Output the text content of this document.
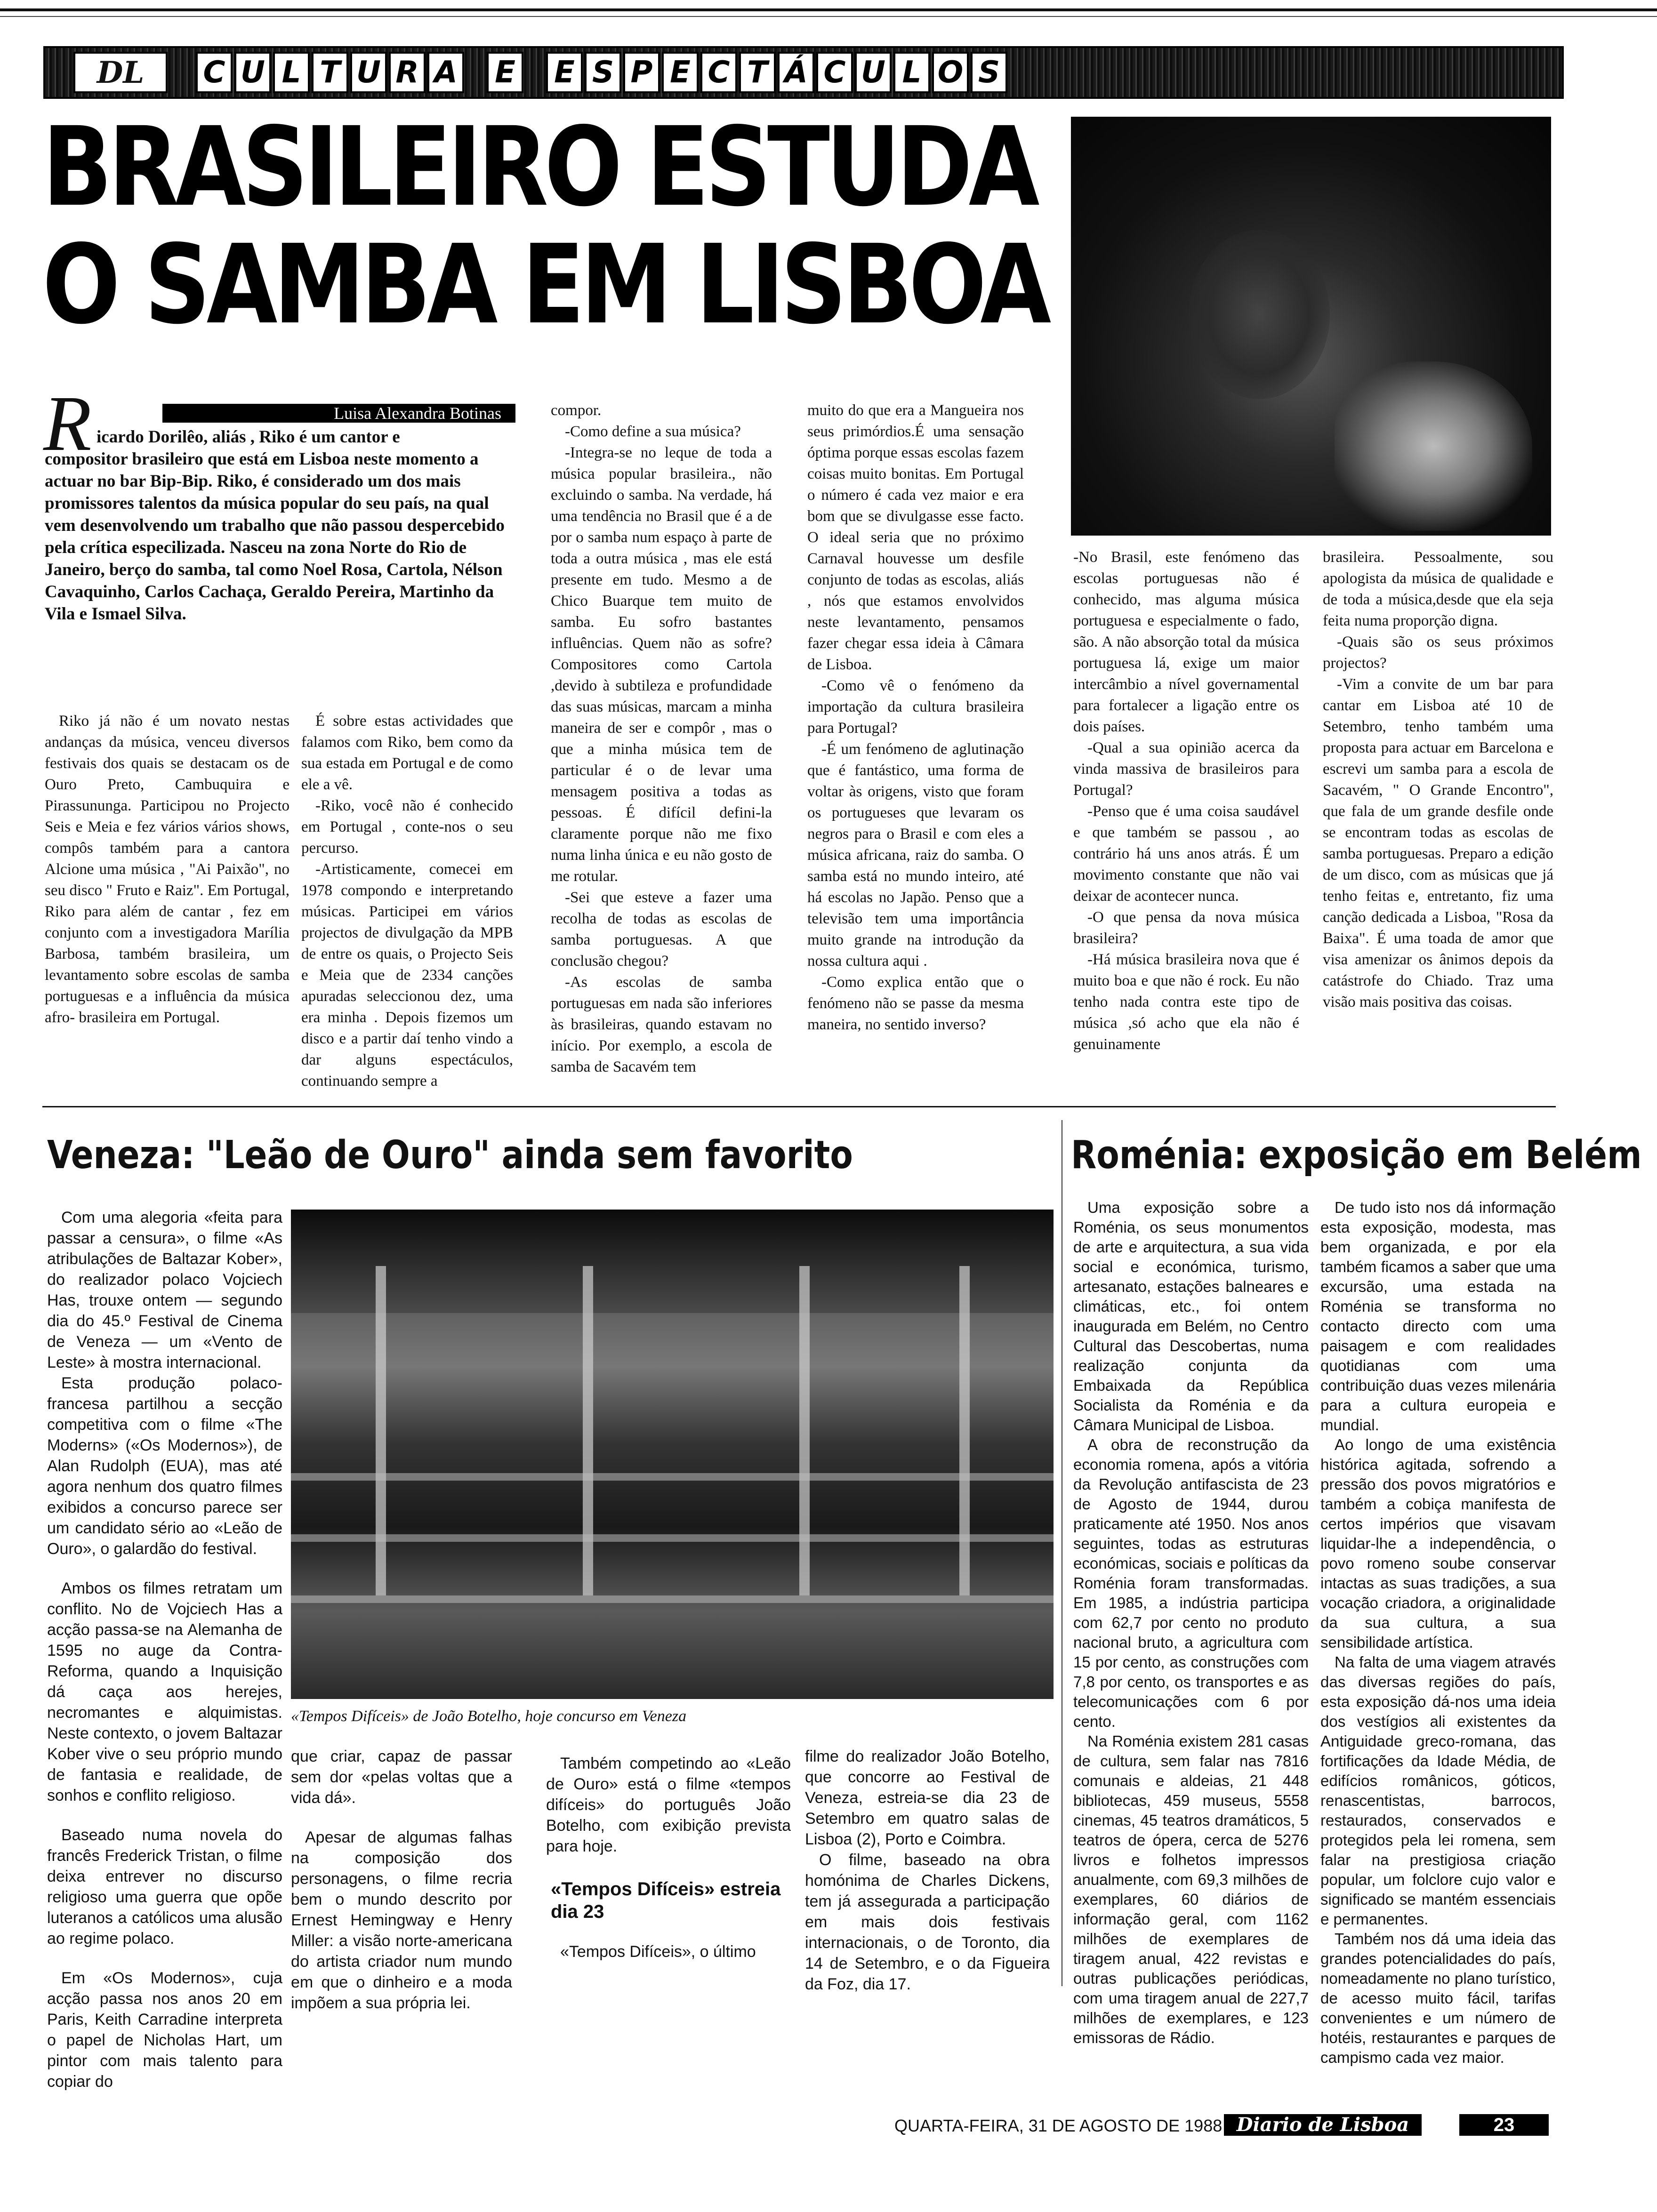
DL	C U L T U R A E E S P E C T Á C U L O S
BRASILEIRO ESTUDA
O SAMBA EM LISBOA
Luisa Alexandra Botinas
R icardo Dorilêo, aliás , Riko é um cantor e
compositor brasileiro que está em Lisboa neste momento a actuar no bar Bip-Bip. Riko, é considerado um dos mais promissores talentos da música popular do seu país, na qual vem desenvolvendo um trabalho que não passou despercebido pela crítica especilizada. Nasceu na zona Norte do Rio de Janeiro, berço do samba, tal como Noel Rosa, Cartola, Nélson Cavaquinho, Carlos Cachaça, Geraldo Pereira, Martinho da Vila e Ismael Silva.

Riko já não é um novato nestas andanças da música, venceu diversos festivais dos quais se destacam os de Ouro Preto, Cambuquira e Pirassununga. Participou no Projecto Seis e Meia e fez vários vários shows, compôs também para a cantora Alcione uma música , "Ai Paixão", no seu disco " Fruto e Raiz". Em Portugal, Riko para além de cantar , fez em conjunto com a investigadora Marília Barbosa, também brasileira, um levantamento sobre escolas de samba portuguesas e a influência da música afro- brasileira em Portugal.

É sobre estas actividades que falamos com Riko, bem como da sua estada em Portugal e de como ele a vê.

-Riko, você não é conhecido em Portugal , conte-nos o seu percurso.

-Artisticamente, comecei em 1978 compondo e interpretando músicas. Participei em vários projectos de divulgação da MPB de entre os quais, o Projecto Seis e Meia que de 2334 canções apuradas seleccionou dez, uma era minha . Depois fizemos um disco e a partir daí tenho vindo a dar alguns espectáculos, continuando sempre a

compor.

-Como define a sua música?

-Integra-se no leque de toda a música popular brasileira., não excluindo o samba. Na verdade, há uma tendência no Brasil que é a de por o samba num espaço à parte de toda a outra música , mas ele está presente em tudo. Mesmo a de Chico Buarque tem muito de samba. Eu sofro bastantes influências. Quem não as sofre? Compositores como Cartola ,devido à subtileza e profundidade das suas músicas, marcam a minha maneira de ser e compôr , mas o que a minha música tem de particular é o de levar uma mensagem positiva a todas as pessoas. É difícil defini-la claramente porque não me fixo numa linha única e eu não gosto de me rotular.

-Sei que esteve a fazer uma recolha de todas as escolas de samba portuguesas. A que conclusão chegou?

-As escolas de samba portuguesas em nada são inferiores às brasileiras, quando estavam no início. Por exemplo, a escola de samba de Sacavém tem

muito do que era a Mangueira nos seus primórdios.É uma sensação óptima porque essas escolas fazem coisas muito bonitas. Em Portugal o número é cada vez maior e era bom que se divulgasse esse facto. O ideal seria que no próximo Carnaval houvesse um desfile conjunto de todas as escolas, aliás , nós que estamos envolvidos neste levantamento, pensamos fazer chegar essa ideia à Câmara de Lisboa.

-Como vê o fenómeno da importação da cultura brasileira para Portugal?

-É um fenómeno de aglutinação que é fantástico, uma forma de voltar às origens, visto que foram os portugueses que levaram os negros para o Brasil e com eles a música africana, raiz do samba. O samba está no mundo inteiro, até há escolas no Japão. Penso que a televisão tem uma importância muito grande na introdução da nossa cultura aqui .

-Como explica então que o fenómeno não se passe da mesma maneira, no sentido inverso?

-No Brasil, este fenómeno das escolas portuguesas não é conhecido, mas alguma música portuguesa e especialmente o fado, são. A não absorção total da música portuguesa lá, exige um maior intercâmbio a nível governamental para fortalecer a ligação entre os dois países.

-Qual a sua opinião acerca da vinda massiva de brasileiros para Portugal?

-Penso que é uma coisa saudável e que também se passou , ao contrário há uns anos atrás. É um movimento constante que não vai deixar de acontecer nunca.

-O que pensa da nova música brasileira?

-Há música brasileira nova que é muito boa e que não é rock. Eu não tenho nada contra este tipo de música ,só acho que ela não é genuinamente

brasileira. Pessoalmente, sou apologista da música de qualidade e de toda a música,desde que ela seja feita numa proporção digna.

-Quais são os seus próximos projectos?

-Vim a convite de um bar para cantar em Lisboa até 10 de Setembro, tenho também uma proposta para actuar em Barcelona e escrevi um samba para a escola de Sacavém, " O Grande Encontro", que fala de um grande desfile onde se encontram todas as escolas de samba portuguesas. Preparo a edição de um disco, com as músicas que já tenho feitas e, entretanto, fiz uma canção dedicada a Lisboa, "Rosa da Baixa". É uma toada de amor que visa amenizar os ânimos depois da catástrofe do Chiado. Traz uma visão mais positiva das coisas.

Veneza: "Leão de Ouro" ainda sem favorito

Com uma alegoria «feita para passar a censura», o filme «As atribulações de Baltazar Kober», do realizador polaco Vojciech Has, trouxe ontem — segundo dia do 45.º Festival de Cinema de Veneza — um «Vento de Leste» à mostra internacional.

Esta produção polaco-francesa partilhou a secção competitiva com o filme «The Moderns» («Os Modernos»), de Alan Rudolph (EUA), mas até agora nenhum dos quatro filmes exibidos a concurso parece ser um candidato sério ao «Leão de Ouro», o galardão do festival.

Ambos os filmes retratam um conflito. No de Vojciech Has a acção passa-se na Alemanha de 1595 no auge da Contra-Reforma, quando a Inquisição dá caça aos herejes, necromantes e alquimistas. Neste contexto, o jovem Baltazar Kober vive o seu próprio mundo de fantasia e realidade, de sonhos e conflito religioso.

Baseado numa novela do francês Frederick Tristan, o filme deixa entrever no discurso religioso uma guerra que opõe luteranos a católicos uma alusão ao regime polaco.

Em «Os Modernos», cuja acção passa nos anos 20 em Paris, Keith Carradine interpreta o papel de Nicholas Hart, um pintor com mais talento para copiar do

«Tempos Difíceis» de João Botelho, hoje concurso em Veneza

que criar, capaz de passar sem dor «pelas voltas que a vida dá».

Apesar de algumas falhas na composição dos personagens, o filme recria bem o mundo descrito por Ernest Hemingway e Henry Miller: a visão norte-americana do artista criador num mundo em que o dinheiro e a moda impõem a sua própria lei.

Também competindo ao «Leão de Ouro» está o filme «tempos difíceis» do português João Botelho, com exibição prevista para hoje.

«Tempos Difíceis» estreia dia 23

«Tempos Difíceis», o último

filme do realizador João Botelho, que concorre ao Festival de Veneza, estreia-se dia 23 de Setembro em quatro salas de Lisboa (2), Porto e Coimbra.

O filme, baseado na obra homónima de Charles Dickens, tem já assegurada a participação em mais dois festivais internacionais, o de Toronto, dia 14 de Setembro, e o da Figueira da Foz, dia 17.

Roménia: exposição em Belém

Uma exposição sobre a Roménia, os seus monumentos de arte e arquitectura, a sua vida social e económica, turismo, artesanato, estações balneares e climáticas, etc., foi ontem inaugurada em Belém, no Centro Cultural das Descobertas, numa realização conjunta da Embaixada da República Socialista da Roménia e da Câmara Municipal de Lisboa.

A obra de reconstrução da economia romena, após a vitória da Revolução antifascista de 23 de Agosto de 1944, durou praticamente até 1950. Nos anos seguintes, todas as estruturas económicas, sociais e políticas da Roménia foram transformadas. Em 1985, a indústria participa com 62,7 por cento no produto nacional bruto, a agricultura com 15 por cento, as construções com 7,8 por cento, os transportes e as telecomunicações com 6 por cento.

Na Roménia existem 281 casas de cultura, sem falar nas 7816 comunais e aldeias, 21 448 bibliotecas, 459 museus, 5558 cinemas, 45 teatros dramáticos, 5 teatros de ópera, cerca de 5276 livros e folhetos impressos anualmente, com 69,3 milhões de exemplares, 60 diários de informação geral, com 1162 milhões de exemplares de tiragem anual, 422 revistas e outras publicações periódicas, com uma tiragem anual de 227,7 milhões de exemplares, e 123 emissoras de Rádio.

De tudo isto nos dá informação esta exposição, modesta, mas bem organizada, e por ela também ficamos a saber que uma excursão, uma estada na Roménia se transforma no contacto directo com uma paisagem e com realidades quotidianas com uma contribuição duas vezes milenária para a cultura europeia e mundial.

Ao longo de uma existência histórica agitada, sofrendo a pressão dos povos migratórios e também a cobiça manifesta de certos impérios que visavam liquidar-lhe a independência, o povo romeno soube conservar intactas as suas tradições, a sua vocação criadora, a originalidade da sua cultura, a sua sensibilidade artística.

Na falta de uma viagem através das diversas regiões do país, esta exposição dá-nos uma ideia dos vestígios ali existentes da Antiguidade greco-romana, das fortificações da Idade Média, de edifícios românicos, góticos, renascentistas, barrocos, restaurados, conservados e protegidos pela lei romena, sem falar na prestigiosa criação popular, um folclore cujo valor e significado se mantém essenciais e permanentes.

Também nos dá uma ideia das grandes potencialidades do país, nomeadamente no plano turístico, de acesso muito fácil, tarifas convenientes e um número de hotéis, restaurantes e parques de campismo cada vez maior.

QUARTA-FEIRA, 31 DE AGOSTO DE 1988 Diario de Lisboa	23
